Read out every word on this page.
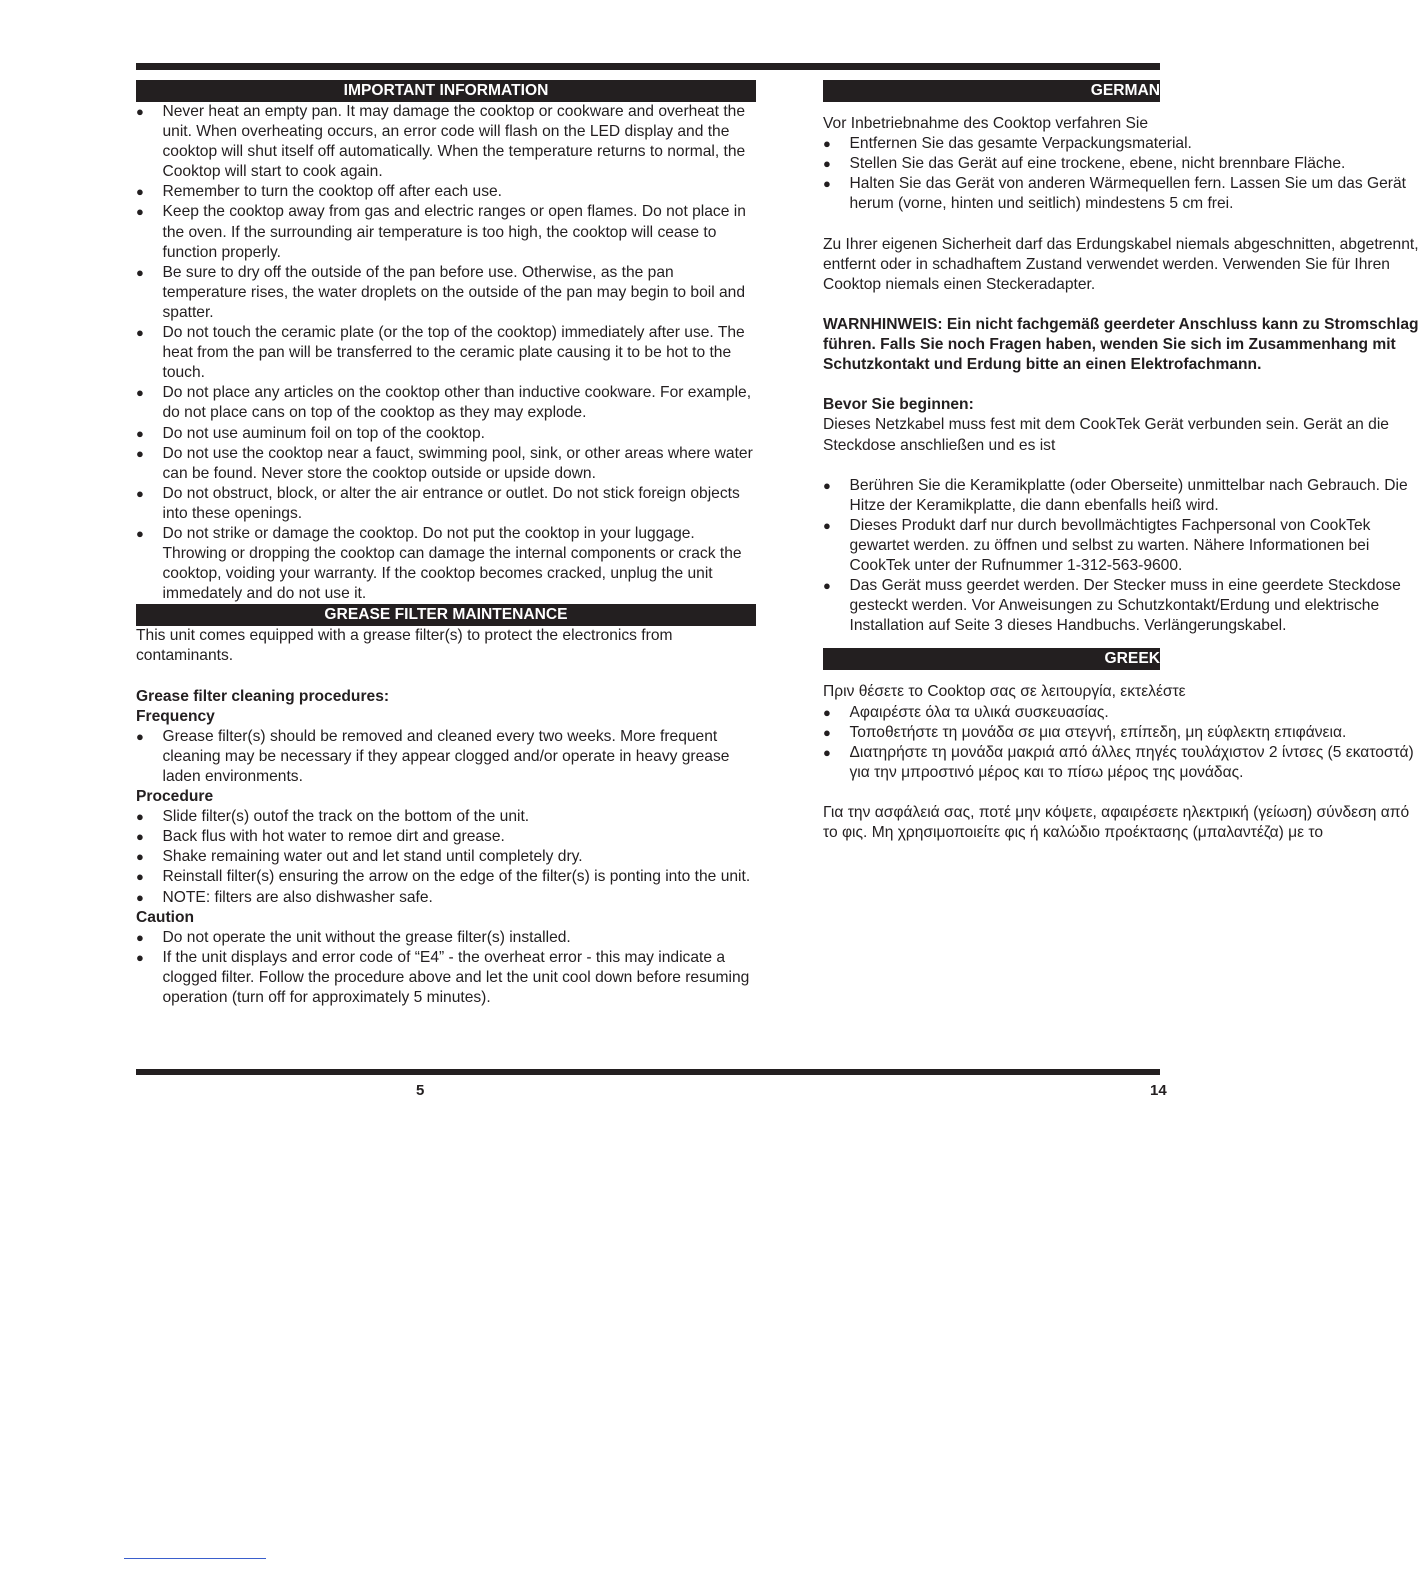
IMPORTANT INFORMATION
● Never heat an empty pan. It may damage the cooktop or cookware and overheat the unit. When overheating occurs, an error code will flash on the LED display and the cooktop will shut itself off automatically. When the temperature returns to normal, the Cooktop will start to cook again.
● Remember to turn the cooktop off after each use.
● Keep the cooktop away from gas and electric ranges or open flames. Do not place in the oven. If the surrounding air temperature is too high, the cooktop will cease to function properly.
● Be sure to dry off the outside of the pan before use. Otherwise, as the pan temperature rises, the water droplets on the outside of the pan may begin to boil and spatter.
● Do not touch the ceramic plate (or the top of the cooktop) immediately after use. The heat from the pan will be transferred to the ceramic plate causing it to be hot to the touch.
● Do not place any articles on the cooktop other than inductive cookware. For example, do not place cans on top of the cooktop as they may explode.
● Do not use auminum foil on top of the cooktop.
● Do not use the cooktop near a fauct, swimming pool, sink, or other areas where water can be found. Never store the cooktop outside or upside down.
● Do not obstruct, block, or alter the air entrance or outlet. Do not stick foreign objects into these openings.
● Do not strike or damage the cooktop. Do not put the cooktop in your luggage. Throwing or dropping the cooktop can damage the internal components or crack the cooktop, voiding your warranty. If the cooktop becomes cracked, unplug the unit immedately and do not use it.
GREASE FILTER MAINTENANCE

This unit comes equipped with a grease filter(s) to protect the electronics from contaminants.

Grease filter cleaning procedures:

Frequency

● Grease filter(s) should be removed and cleaned every two weeks. More frequent cleaning may be necessary if they appear clogged and/or operate in heavy grease laden environments.

Procedure

● Slide filter(s) outof the track on the bottom of the unit.
● Back flus with hot water to remoe dirt and grease.
● Shake remaining water out and let stand until completely dry.
● Reinstall filter(s) ensuring the arrow on the edge of the filter(s) is ponting into the unit.
● NOTE: filters are also dishwasher safe.

Caution

● Do not operate the unit without the grease filter(s) installed.
● If the unit displays and error code of “E4” - the overheat error - this may indicate a clogged filter. Follow the procedure above and let the unit cool down before resuming operation (turn off for approximately 5 minutes).
GERMAN

Vor Inbetriebnahme des Cooktop verfahren Sie

● Entfernen Sie das gesamte Verpackungsmaterial.
● Stellen Sie das Gerät auf eine trockene, ebene, nicht brennbare Fläche.
● Halten Sie das Gerät von anderen Wärmequellen fern. Lassen Sie um das Gerät herum (vorne, hinten und seitlich) mindestens 5 cm frei.

Zu Ihrer eigenen Sicherheit darf das Erdungskabel niemals abgeschnitten, abgetrennt, entfernt oder in schadhaftem Zustand verwendet werden. Verwenden Sie für Ihren Cooktop niemals einen Steckeradapter.

WARNHINWEIS: Ein nicht fachgemäß geerdeter Anschluss kann zu Stromschlag führen. Falls Sie noch Fragen haben, wenden Sie sich im Zusammenhang mit Schutzkontakt und Erdung bitte an einen Elektrofachmann.

Bevor Sie beginnen:

Dieses Netzkabel muss fest mit dem CookTek Gerät verbunden sein. Gerät an die Steckdose anschließen und es ist

● Berühren Sie die Keramikplatte (oder Oberseite) unmittelbar nach Gebrauch. Die Hitze der Keramikplatte, die dann ebenfalls heiß wird.
● Dieses Produkt darf nur durch bevollmächtigtes Fachpersonal von CookTek gewartet werden. zu öffnen und selbst zu warten. Nähere Informationen bei CookTek unter der Rufnummer 1-312-563-9600.
● Das Gerät muss geerdet werden. Der Stecker muss in eine geerdete Steckdose gesteckt werden. Vor Anweisungen zu Schutzkontakt/Erdung und elektrische Installation auf Seite 3 dieses Handbuchs. Verlängerungskabel.
GREEK

Πριν θέσετε το Cooktop σας σε λειτουργία, εκτελέστε

● Αφαιρέστε όλα τα υλικά συσκευασίας.
● Τοποθετήστε τη μονάδα σε μια στεγνή, επίπεδη, μη εύφλεκτη επιφάνεια.
● Διατηρήστε τη μονάδα μακριά από άλλες πηγές τουλάχιστον 2 ίντσες (5 εκατοστά) για την μπροστινό μέρος και το πίσω μέρος της μονάδας.

Για την ασφάλειά σας, ποτέ μην κόψετε, αφαιρέσετε ηλεκτρική (γείωση) σύνδεση από το φις. Μη χρησιμοποιείτε φις ή καλώδιο προέκτασης (μπαλαντέζα) με το

5	14
